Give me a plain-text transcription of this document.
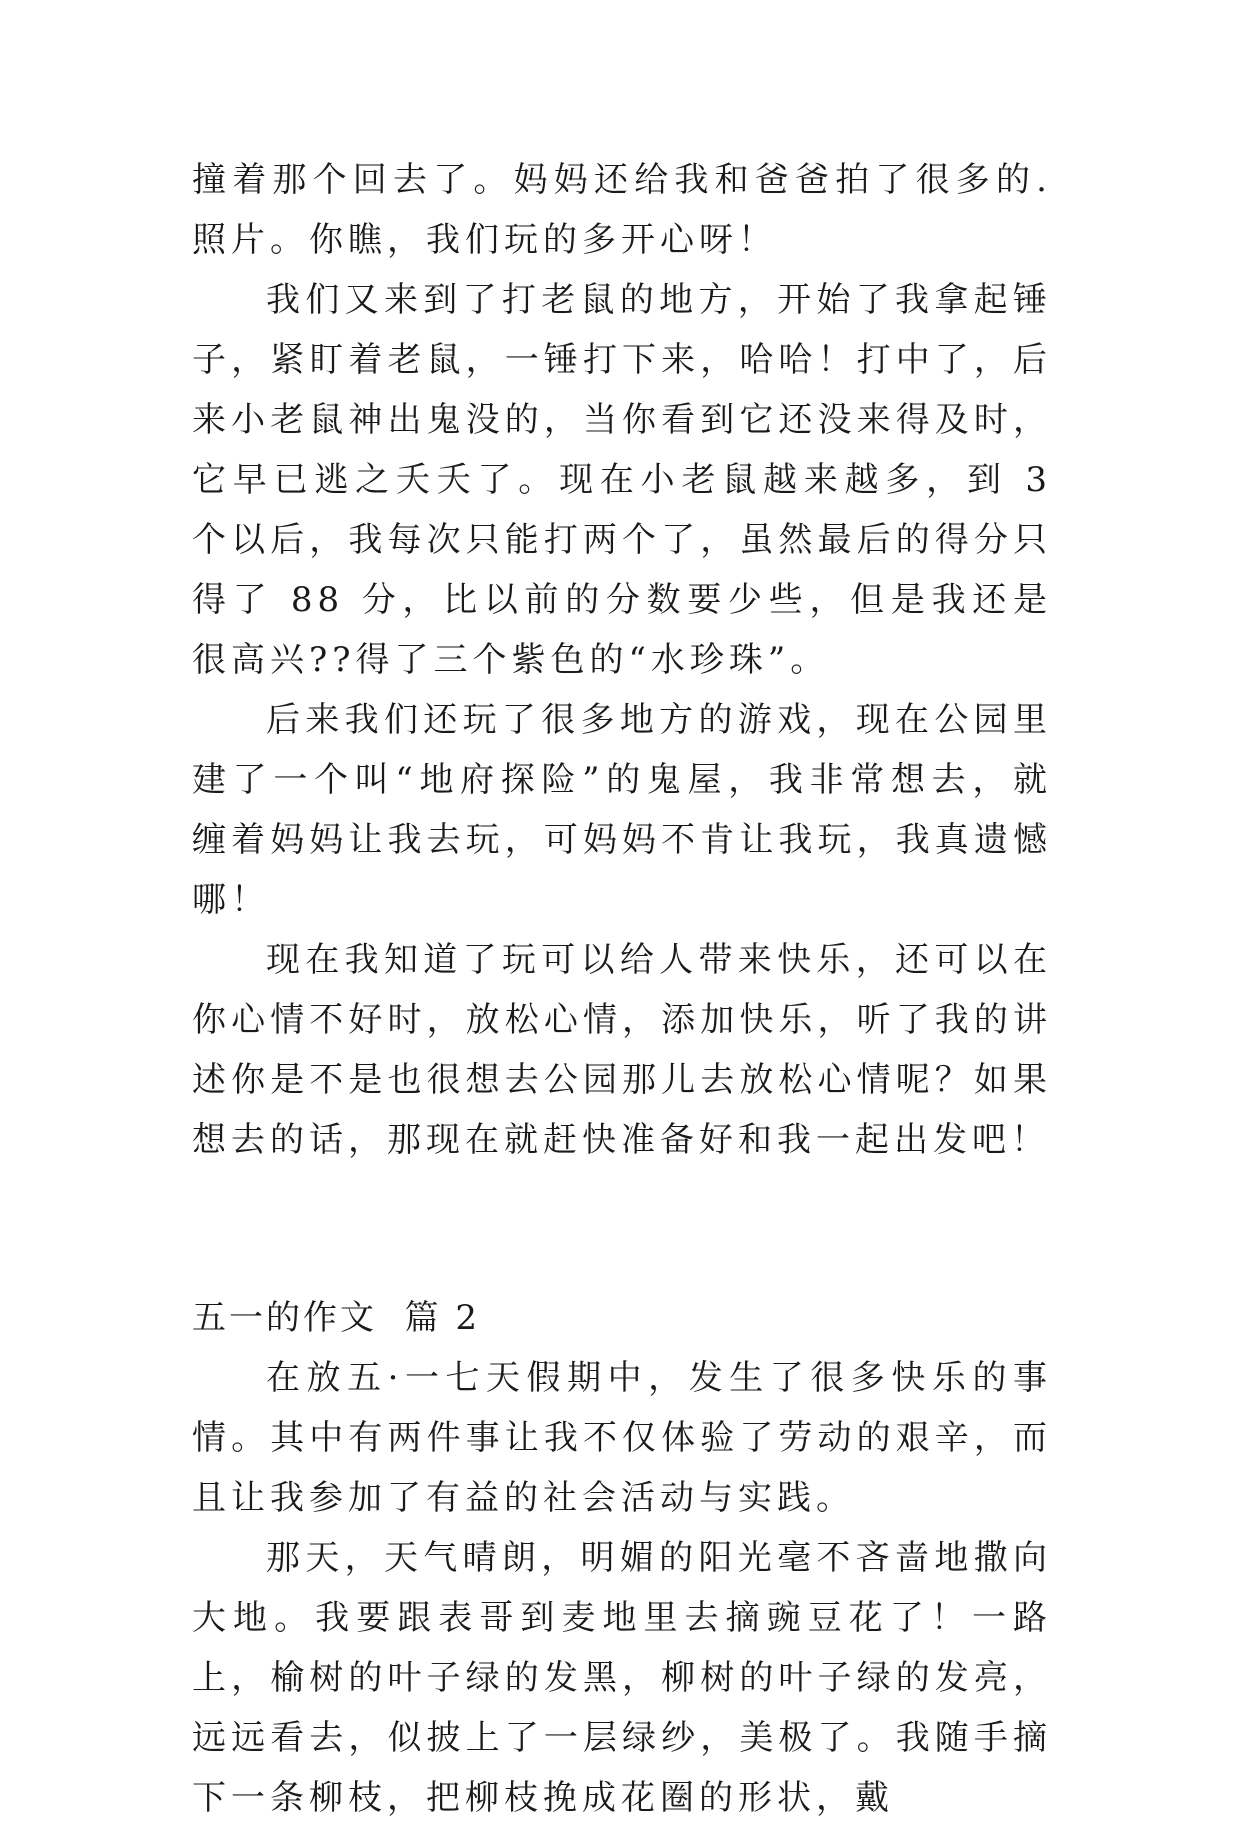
撞着那个回去了。妈妈还给我和爸爸拍了很多的.照片。你瞧，我们玩的多开心呀！

我们又来到了打老鼠的地方，开始了我拿起锤子，紧盯着老鼠，一锤打下来，哈哈！打中了，后来小老鼠神出鬼没的，当你看到它还没来得及时，它早已逃之夭夭了。现在小老鼠越来越多，到 3 个以后，我每次只能打两个了，虽然最后的得分只得了 88 分，比以前的分数要少些，但是我还是很高兴??得了三个紫色的“水珍珠”。

后来我们还玩了很多地方的游戏，现在公园里建了一个叫“地府探险”的鬼屋，我非常想去，就缠着妈妈让我去玩，可妈妈不肯让我玩，我真遗憾哪！

现在我知道了玩可以给人带来快乐，还可以在你心情不好时，放松心情，添加快乐，听了我的讲述你是不是也很想去公园那儿去放松心情呢？如果想去的话，那现在就赶快准备好和我一起出发吧！

五一的作文  篇 2

在放五·一七天假期中，发生了很多快乐的事情。其中有两件事让我不仅体验了劳动的艰辛，而且让我参加了有益的社会活动与实践。

那天，天气晴朗，明媚的阳光毫不吝啬地撒向大地。我要跟表哥到麦地里去摘豌豆花了！一路上，榆树的叶子绿的发黑，柳树的叶子绿的发亮，远远看去，似披上了一层绿纱，美极了。我随手摘下一条柳枝，把柳枝挽成花圈的形状，戴
